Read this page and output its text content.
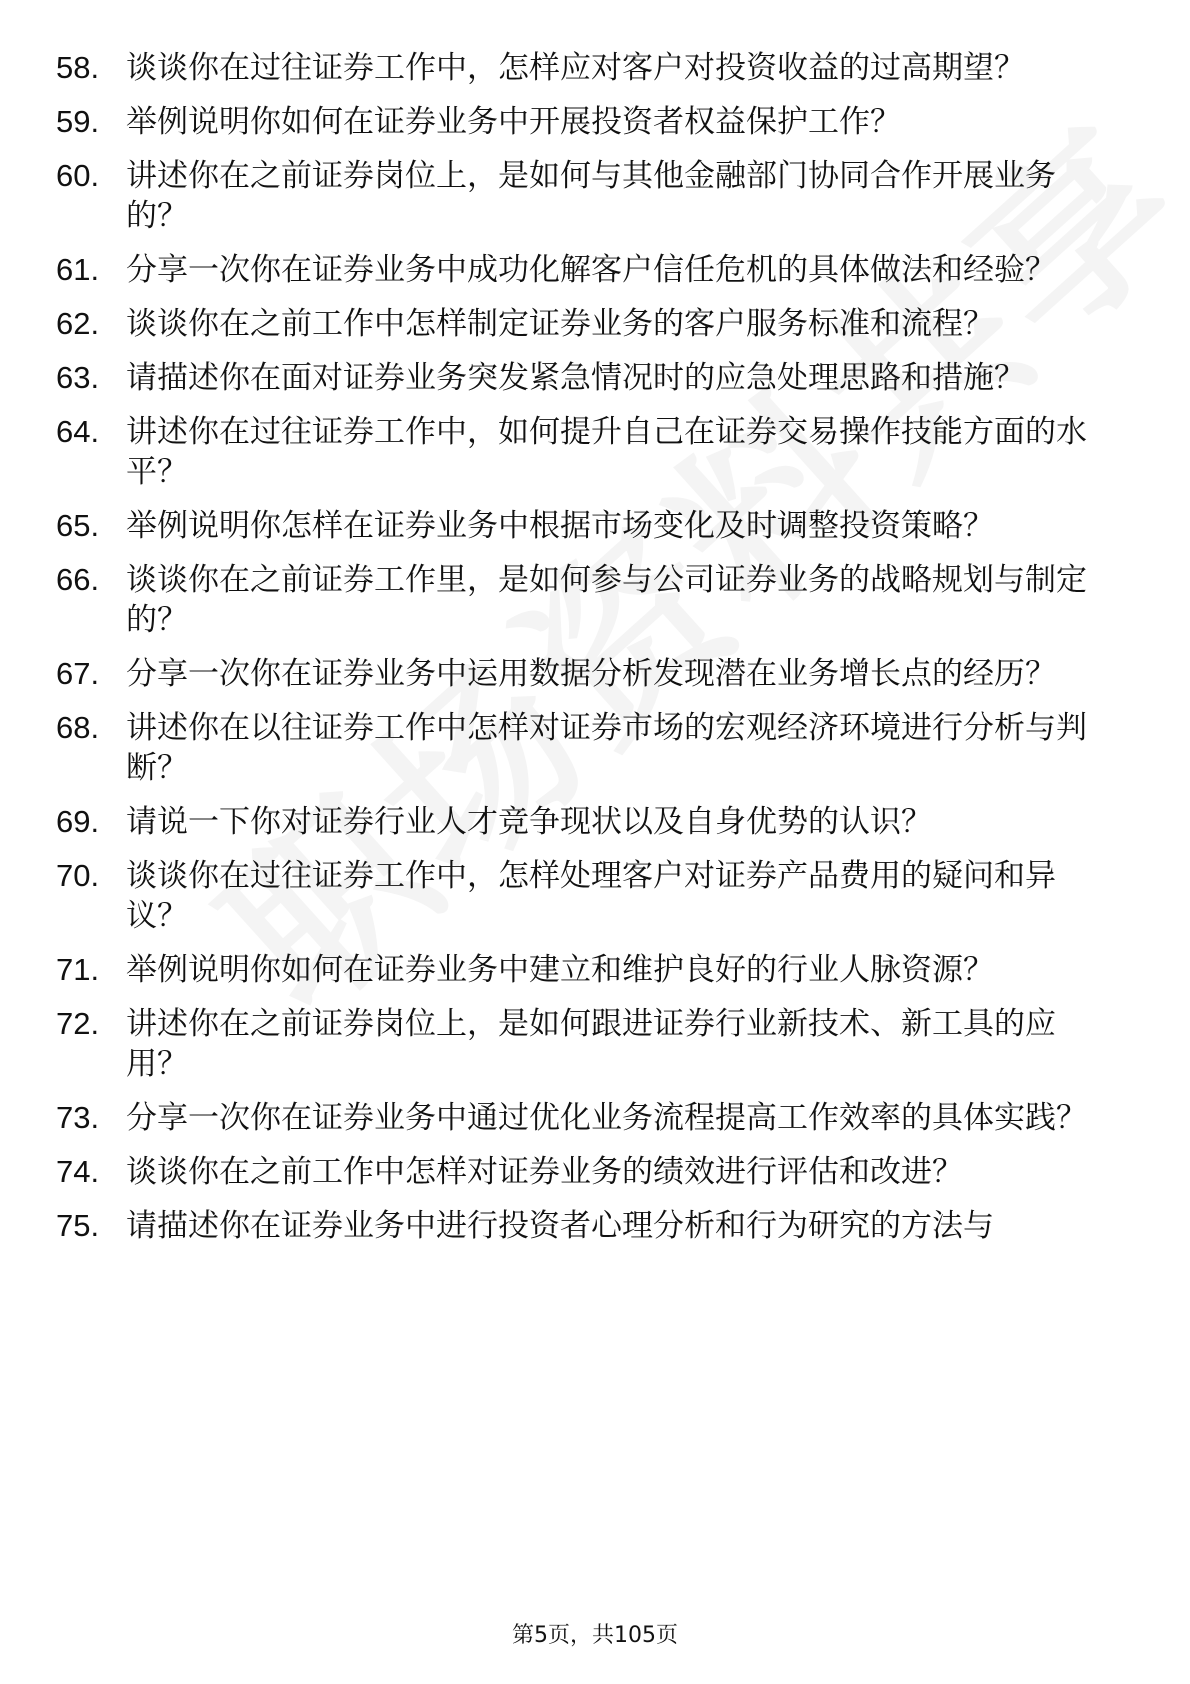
58. 谈谈你在过往证券工作中，怎样应对客户对投资收益的过高期望？
59. 举例说明你如何在证券业务中开展投资者权益保护工作？
60. 讲述你在之前证券岗位上，是如何与其他金融部门协同合作开展业务的？
61. 分享一次你在证券业务中成功化解客户信任危机的具体做法和经验？
62. 谈谈你在之前工作中怎样制定证券业务的客户服务标准和流程？
63. 请描述你在面对证券业务突发紧急情况时的应急处理思路和措施？
64. 讲述你在过往证券工作中，如何提升自己在证券交易操作技能方面的水平？
65. 举例说明你怎样在证券业务中根据市场变化及时调整投资策略？
66. 谈谈你在之前证券工作里，是如何参与公司证券业务的战略规划与制定的？
67. 分享一次你在证券业务中运用数据分析发现潜在业务增长点的经历？
68. 讲述你在以往证券工作中怎样对证券市场的宏观经济环境进行分析与判断？
69. 请说一下你对证券行业人才竞争现状以及自身优势的认识？
70. 谈谈你在过往证券工作中，怎样处理客户对证券产品费用的疑问和异议？
71. 举例说明你如何在证券业务中建立和维护良好的行业人脉资源？
72. 讲述你在之前证券岗位上，是如何跟进证券行业新技术、新工具的应用？
73. 分享一次你在证券业务中通过优化业务流程提高工作效率的具体实践？
74. 谈谈你在之前工作中怎样对证券业务的绩效进行评估和改进？
75. 请描述你在证券业务中进行投资者心理分析和行为研究的方法与
第5页，共105页
